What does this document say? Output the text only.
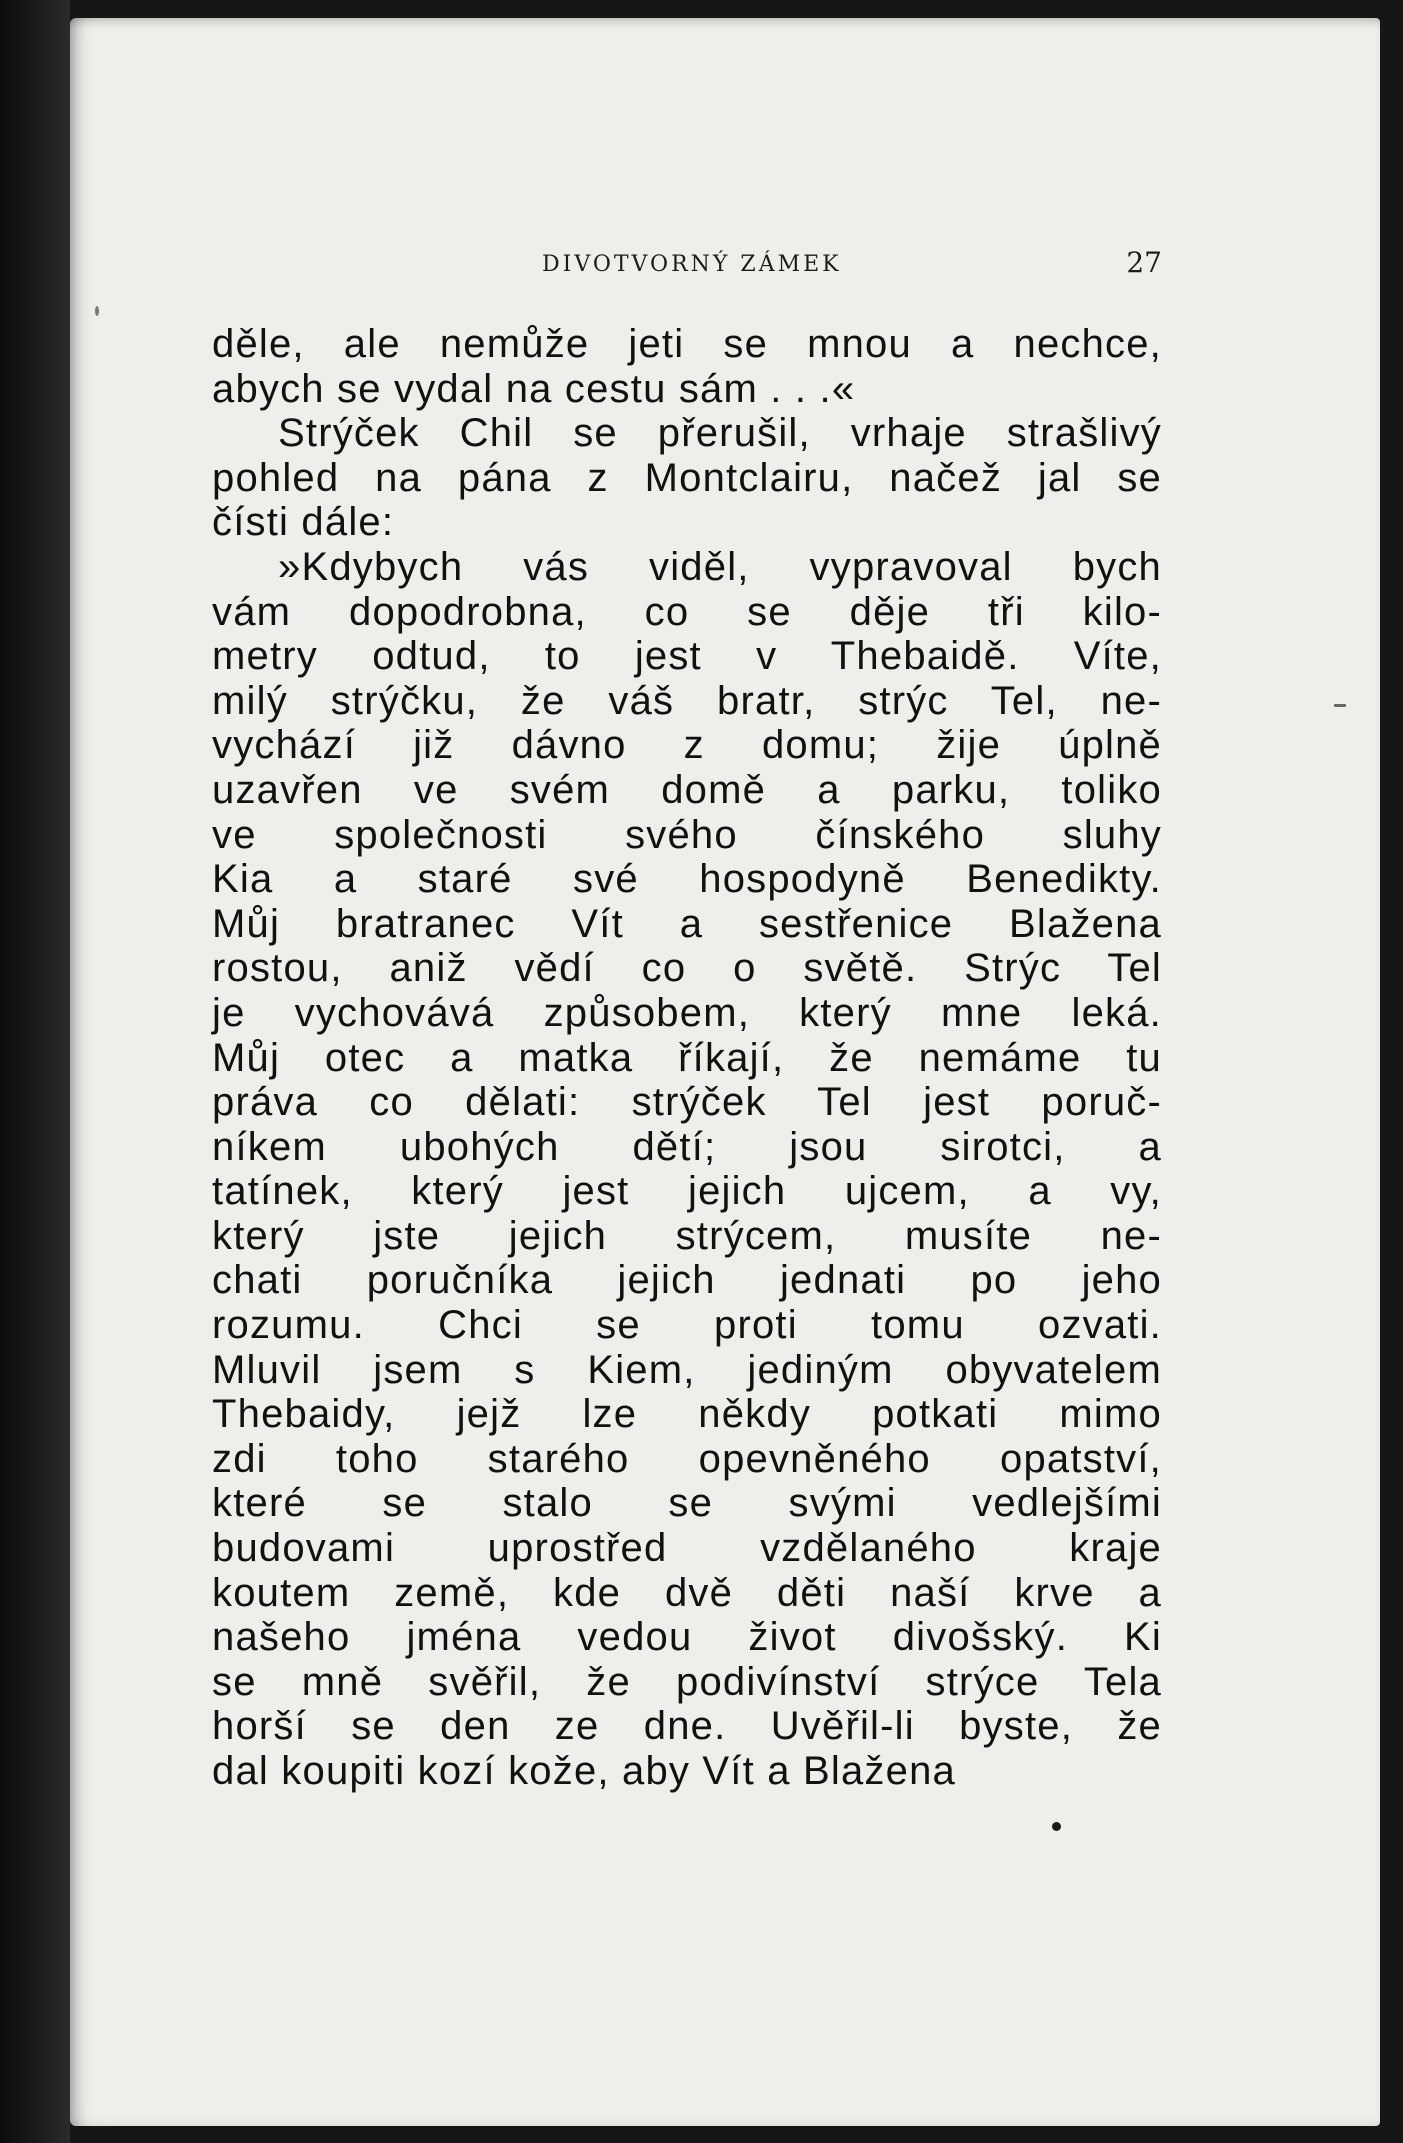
DIVOTVORNÝ ZÁMEK	27
děle, ale nemůže jeti se mnou a nechce,
abych se vydal na cestu sám . . .«
Strýček Chil se přerušil, vrhaje strašlivý
pohled na pána z Montclairu, načež jal se
čísti dále:
»Kdybych vás viděl, vypravoval bych
vám dopodrobna, co se děje tři kilo-
metry odtud, to jest v Thebaidě. Víte,
milý strýčku, že váš bratr, strýc Tel, ne-
vychází již dávno z domu; žije úplně
uzavřen ve svém domě a parku, toliko
ve společnosti svého čínského sluhy
Kia a staré své hospodyně Benedikty.
Můj bratranec Vít a sestřenice Blažena
rostou, aniž vědí co o světě. Strýc Tel
je vychovává způsobem, který mne leká.
Můj otec a matka říkají, že nemáme tu
práva co dělati: strýček Tel jest poruč-
níkem ubohých dětí; jsou sirotci, a
tatínek, který jest jejich ujcem, a vy,
který jste jejich strýcem, musíte ne-
chati poručníka jejich jednati po jeho
rozumu. Chci se proti tomu ozvati.
Mluvil jsem s Kiem, jediným obyvatelem
Thebaidy, jejž lze někdy potkati mimo
zdi toho starého opevněného opatství,
které se stalo se svými vedlejšími
budovami uprostřed vzdělaného kraje
koutem země, kde dvě děti naší krve a
našeho jména vedou život divošský. Ki
se mně svěřil, že podivínství strýce Tela
horší se den ze dne. Uvěřil-li byste, že
dal koupiti kozí kože, aby Vít a Blažena
